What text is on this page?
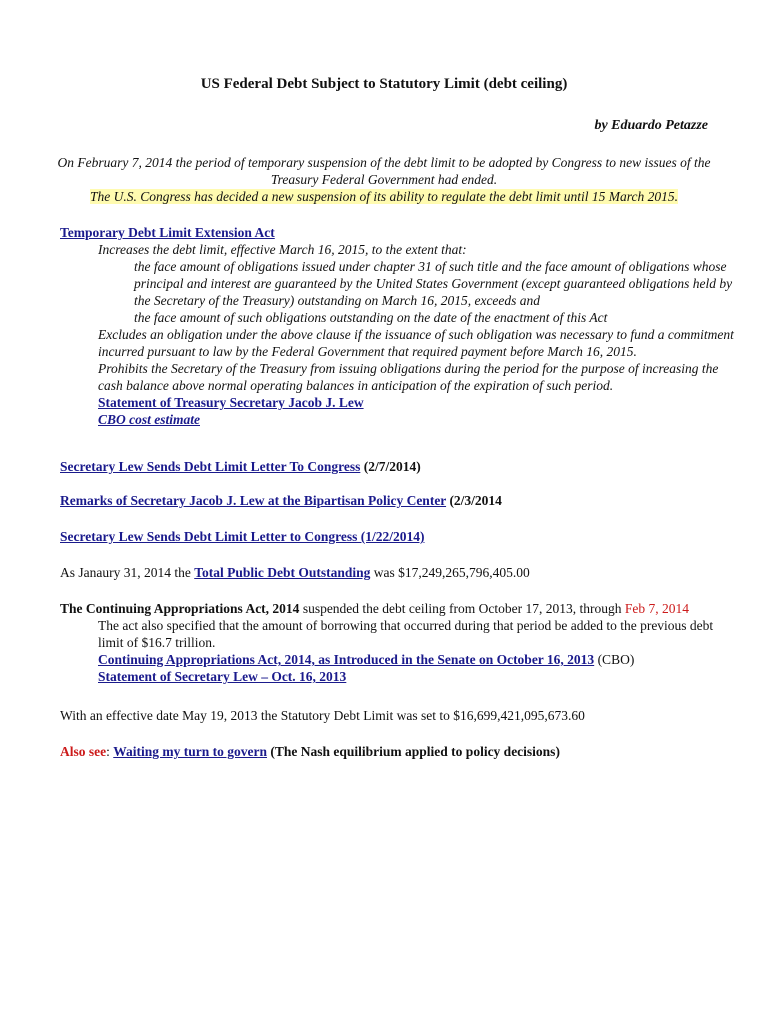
US Federal Debt Subject to Statutory Limit (debt ceiling)
by Eduardo Petazze
On February 7, 2014 the period of temporary suspension of the debt limit to be adopted by Congress to new issues of the
Treasury Federal Government had ended.
The U.S. Congress has decided a new suspension of its ability to regulate the debt limit until 15 March 2015.
Temporary Debt Limit Extension Act
Increases the debt limit, effective March 16, 2015, to the extent that:
the face amount of obligations issued under chapter 31 of such title and the face amount of obligations whose
principal and interest are guaranteed by the United States Government (except guaranteed obligations held by
the Secretary of the Treasury) outstanding on March 16, 2015, exceeds and
the face amount of such obligations outstanding on the date of the enactment of this Act
Excludes an obligation under the above clause if the issuance of such obligation was necessary to fund a commitment
incurred pursuant to law by the Federal Government that required payment before March 16, 2015.
Prohibits the Secretary of the Treasury from issuing obligations during the period for the purpose of increasing the
cash balance above normal operating balances in anticipation of the expiration of such period.
Statement of Treasury Secretary Jacob J. Lew
CBO cost estimate
Secretary Lew Sends Debt Limit Letter To Congress (2/7/2014)
Remarks of Secretary Jacob J. Lew at the Bipartisan Policy Center (2/3/2014
Secretary Lew Sends Debt Limit Letter to Congress (1/22/2014)
As Janaury 31, 2014 the Total Public Debt Outstanding was $17,249,265,796,405.00
The Continuing Appropriations Act, 2014 suspended the debt ceiling from October 17, 2013, through Feb 7, 2014
The act also specified that the amount of borrowing that occurred during that period be added to the previous debt
limit of $16.7 trillion.
Continuing Appropriations Act, 2014, as Introduced in the Senate on October 16, 2013 (CBO)
Statement of Secretary Lew – Oct. 16, 2013
With an effective date May 19, 2013 the Statutory Debt Limit was set to $16,699,421,095,673.60
Also see: Waiting my turn to govern (The Nash equilibrium applied to policy decisions)
